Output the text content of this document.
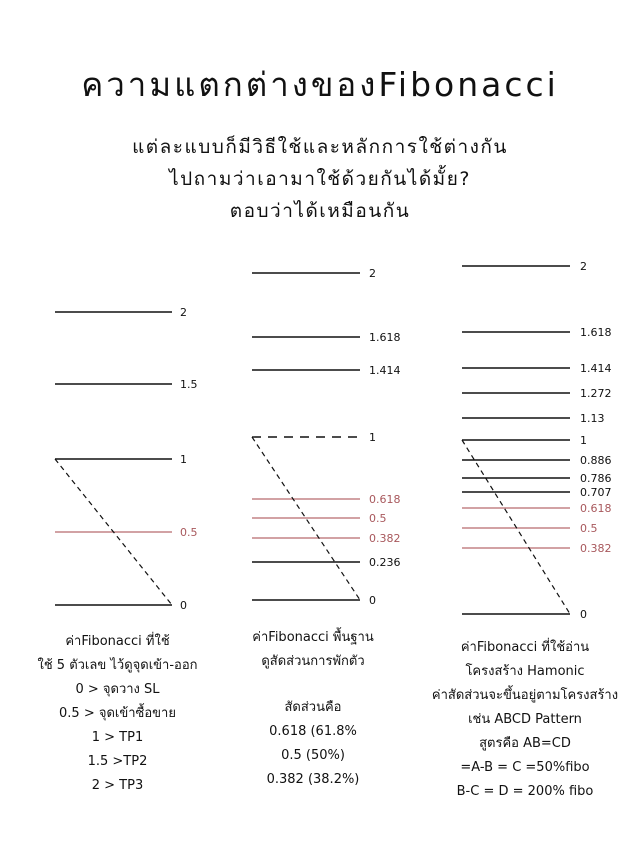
ความแตกต่างของFibonacci
แต่ละแบบก็มีวิธีใช้และหลักการใช้ต่างกัน
ไปถามว่าเอามาใช้ด้วยกันได้มั้ย?
ตอบว่าได้เหมือนกัน
2
1.5
1
0.5
0
2
1.618
1.414
1
0.618
0.5
0.382
0.236
0
2
1.618
1.414
1.272
1.13
1
0.886
0.786
0.707
0.618
0.5
0.382
0
ค่าFibonacci ที่ใช้
ใช้ 5 ตัวเลข ไว้ดูจุดเข้า-ออก
0 > จุดวาง SL
0.5 > จุดเข้าซื้อขาย
1 > TP1
1.5 >TP2
2 > TP3
ค่าFibonacci พื้นฐาน
ดูสัดส่วนการพักตัว
สัดส่วนคือ
0.618 (61.8%
0.5 (50%)
0.382 (38.2%)
ค่าFibonacci ที่ใช้อ่าน
โครงสร้าง Hamonic
ค่าสัดส่วนจะขึ้นอยู่ตามโครงสร้าง
เช่น ABCD Pattern
สูตรคือ AB=CD
=A-B = C =50%fibo
B-C = D = 200% fibo
